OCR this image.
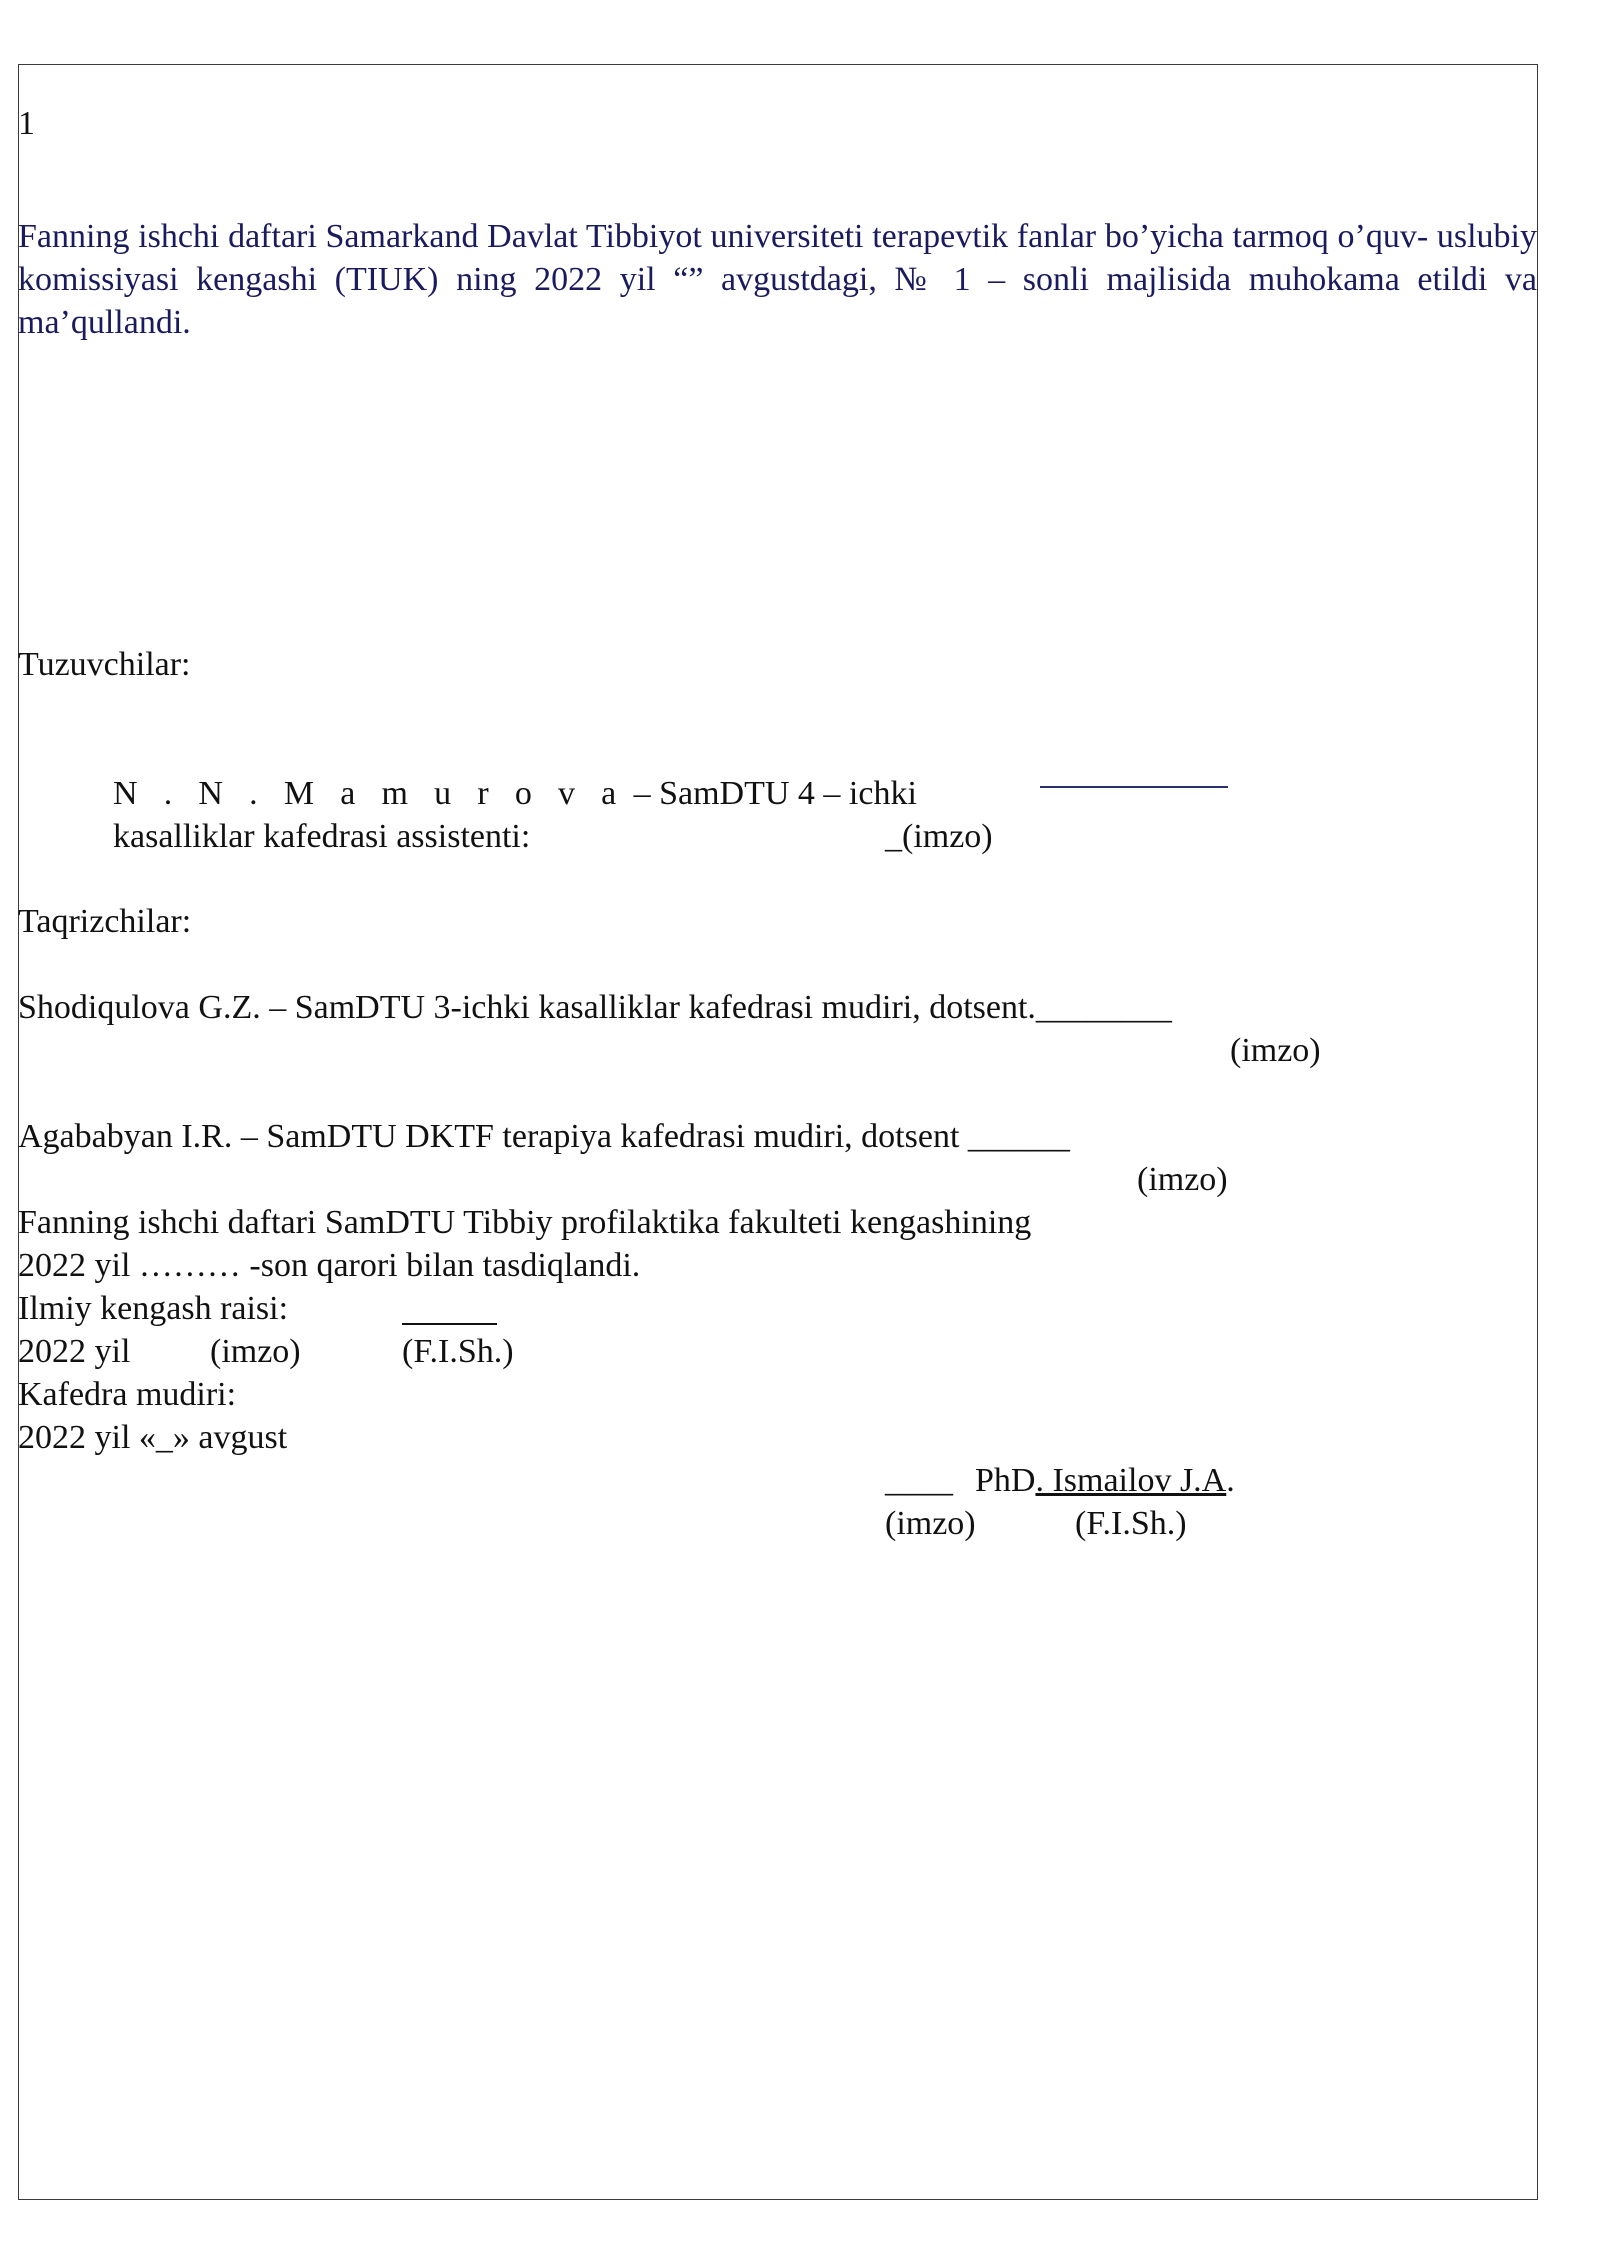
1
Fanning ishchi daftari Samarkand Davlat Tibbiyot universiteti terapevtik fanlar bo’yicha tarmoq o’quv- uslubiy komissiyasi kengashi (TIUK) ning 2022 yil “” avgustdagi, № 1 – sonli majlisida muhokama etildi va ma’qullandi.
Tuzuvchilar:
N . N . M a m u r o v a – SamDTU 4 – ichki
kasalliklar kafedrasi assistenti:	_(imzo)
Taqrizchilar:
Shodiqulova G.Z. – SamDTU 3-ichki kasalliklar kafedrasi mudiri, dotsent.________
(imzo)
Agababyan I.R. – SamDTU DKTF terapiya kafedrasi mudiri, dotsent ______
(imzo)
Fanning ishchi daftari SamDTU Tibbiy profilaktika fakulteti kengashining
2022 yil ……… -son qarori bilan tasdiqlandi.
Ilmiy kengash raisi:
2022 yil (imzo)	(F.I.Sh.)
Kafedra mudiri:
2022 yil «_» avgust
____ PhD. Ismailov J.A.
(imzo)	(F.I.Sh.)
